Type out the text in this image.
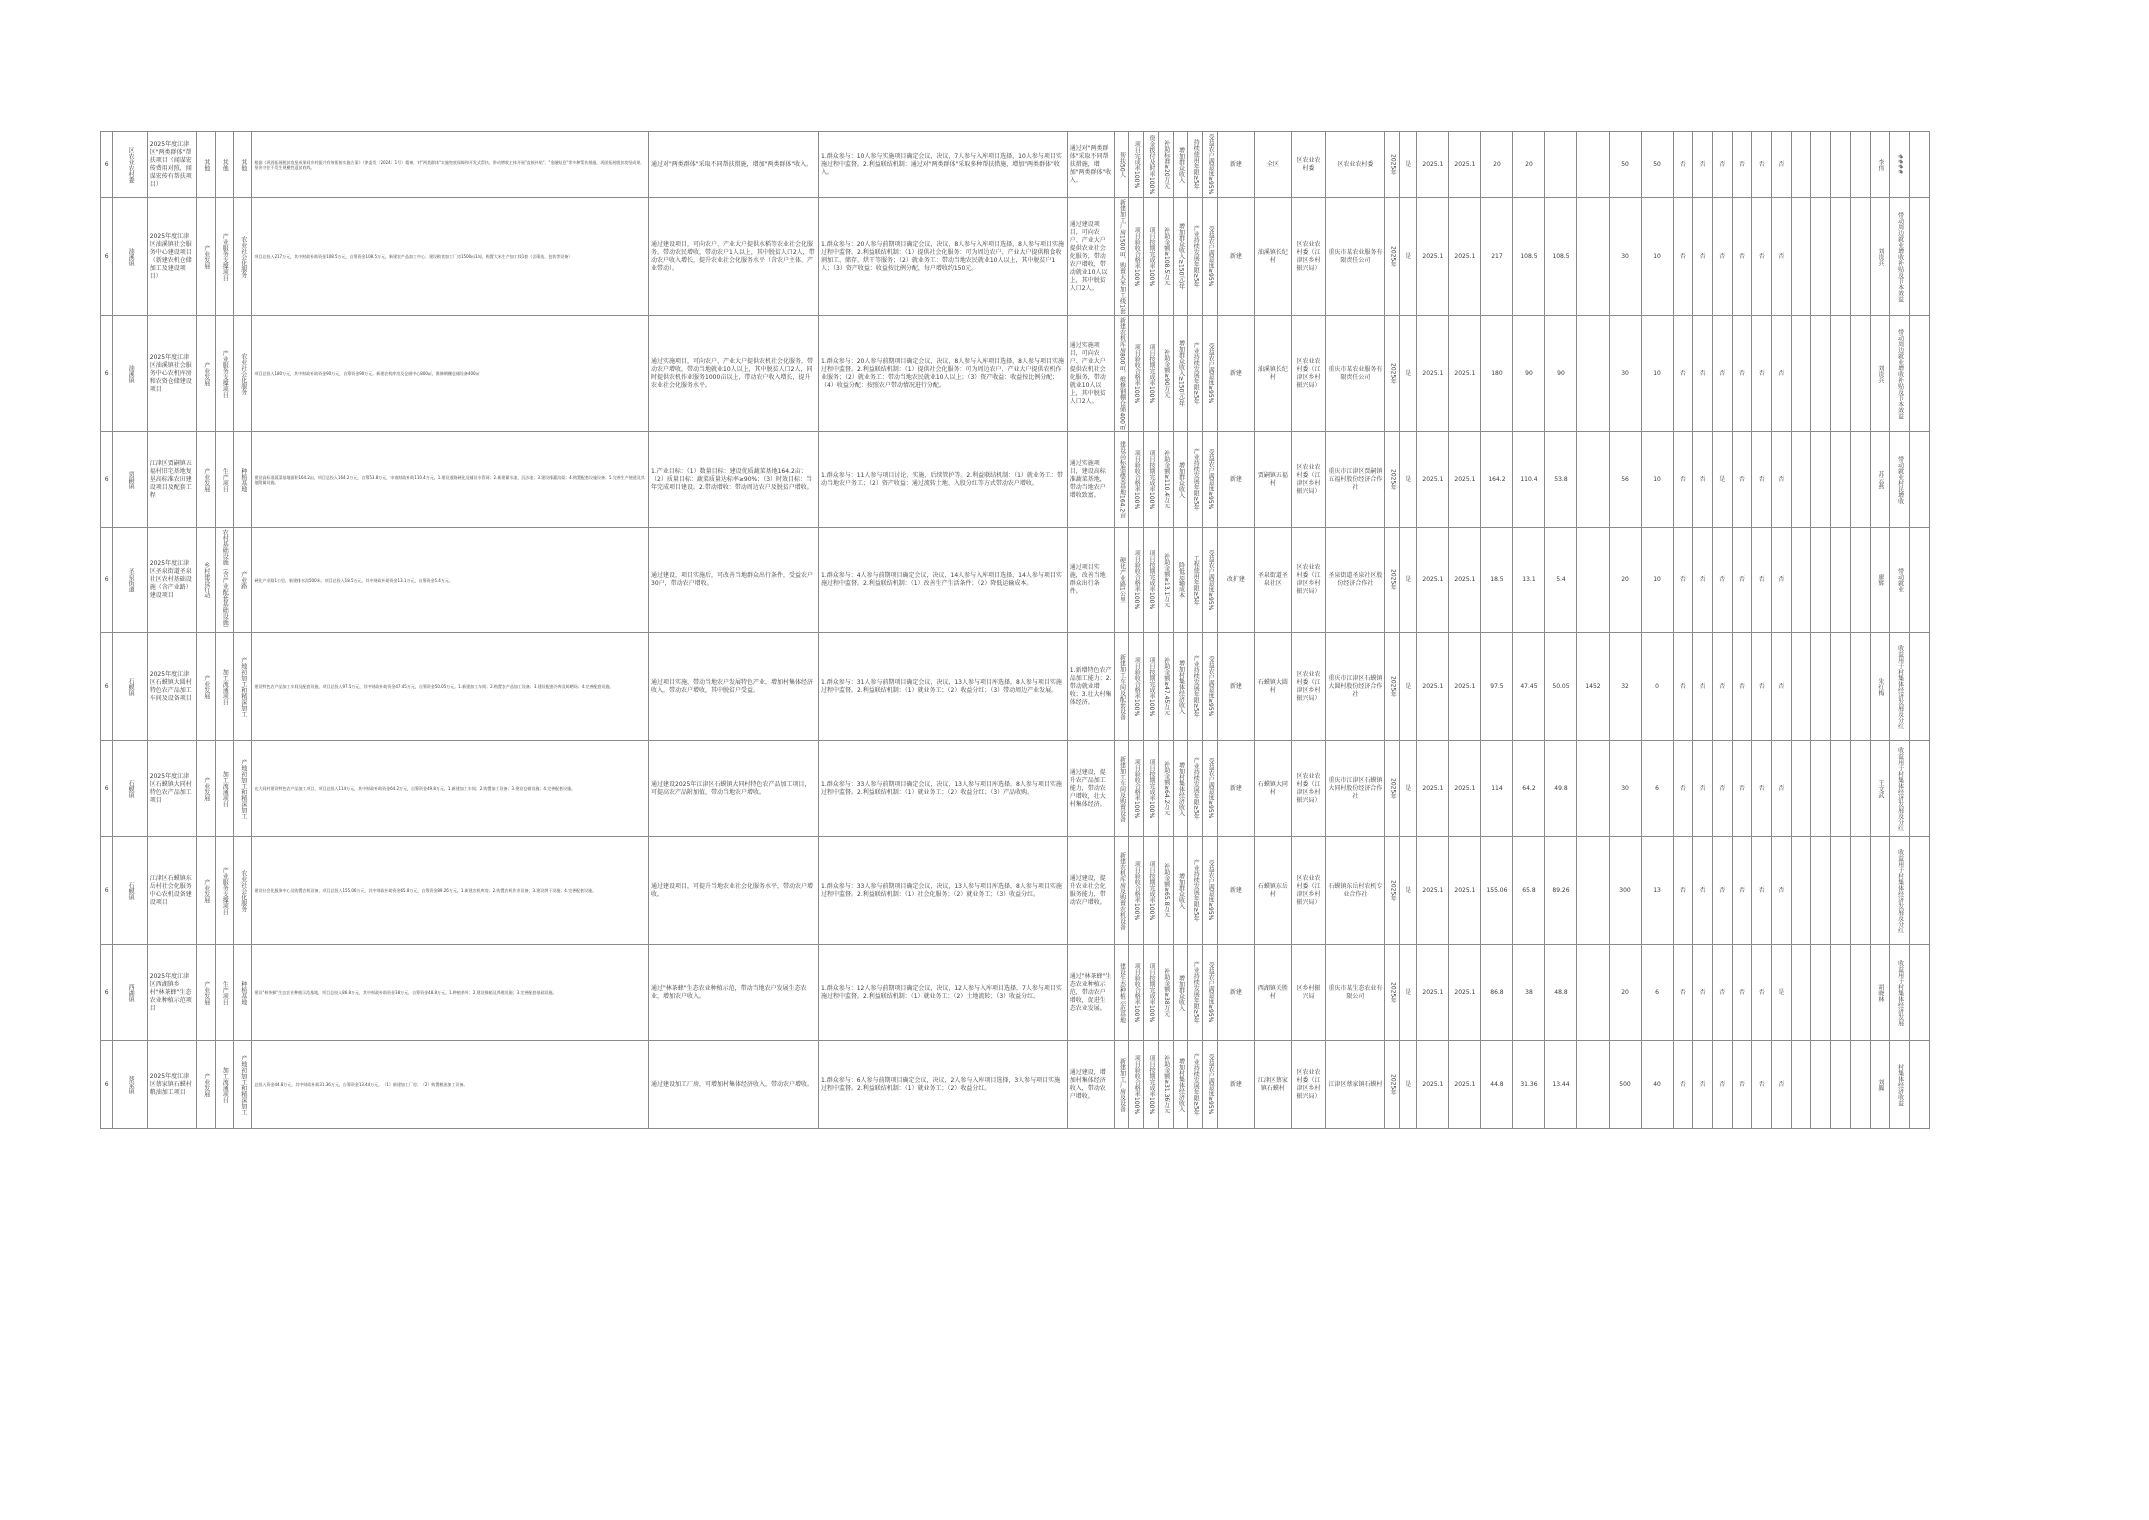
6	区农业农村委	2025年度江津区"两类群体"帮扶项目（闻谋宏传费用对照，闻谋宏传有帮扶项目）	其他	其他	其他	根据《巩固拓展脱贫攻坚成果同乡村振兴有效衔接实施方案》（津委发〔2024〕1号）精神，对"两类群体"实施兜底保障和开发式帮扶，带动增收主体开展"直接补贴"、"金融贴息"等多种帮扶措施，巩固拓展脱贫攻坚成果，坚决守住不发生规模性返贫底线。	通过对"两类群体"采取不同帮扶措施，增加"两类群体"收入。	1.群众参与：10人参与实施项目确定会议，决议，7人参与入库项目选择，10人参与项目实施过程中监督。2.利益联结机制：通过对"两类群体"采取多种帮扶措施，增加"两类群体"收入。	通过对"两类群体"采取不同帮扶措施，增加"两类群体"收入。	帮扶50人	项目完成率100%	资金拨付及时率100%	补助标准≥20万元	增加群众收入	持续使用年限≥5年	受益农户满意度≥95%	新建	全区	区农业农村委	区农业农村委	2025年	是	2025.1	2025.1	20	20			50	50	否	否	否	否	否	否					李伟	####	
6	油溪镇	2025年度江津区油溪镇社会服务中心建设项目（新建农机仓储加工及建设项目）	产业发展	产业服务支撑项目	农业社会化服务	项目总投入217万元，其中财政补助资金108.5万元，自筹资金108.5万元。新建农产品加工中心；建设粮食加工厂房1500㎡1间，购置大米生产加工线1套（含筛选、包装等设备）	通过建设项目，可向农户、产业大户提供水稻等农业社会化服务，带动农民增收，带动农户1人以上，其中脱贫人口2人，带动农户收入增长，提升农业社会化服务水平（含农户主体、产业带动）。	1.群众参与：20人参与前期项目确定会议，决议，8人参与入库项目选择，8人参与项目实施过程中监督。2.利益联结机制：（1）提供社会化服务：可为周边农户、产业大户提供粮食收割加工、储存、烘干等服务；（2）就业务工：带动当地农民就业10人以上，其中脱贫户1人；（3）资产收益：收益按比例分配，每户增收约150元。	通过建设项目，可向农户、产业大户提供农业社会化服务，带动农户增收，带动就业10人以上，其中脱贫人口2人。	新建加工厂房1500㎡，购置大米加工线1套	项目验收合格率100%	项目按期完成率100%	补助金额≥108.5万元	增加群众收入≥150元/年	产业持续发展年限≥5年	受益农户满意度≥95%	新建	油溪镇长纪村	区农业农村委（江津区乡村振兴局）	重庆市某农业服务有限责任公司	2025年	是	2025.1	2025.1	217	108.5	108.5		30	10	否	否	否	否	否	否					刘贵兵	带动周边就业增收补贴及节本效益	
6	油溪镇	2025年度江津区油溪镇社会服务中心农机库房和农资仓储建设项目	产业发展	产业服务支撑项目	农业社会化服务	项目总投入180万元，其中财政补助资金90万元，自筹资金90万元。新建农机库房及仓储中心800㎡，维修钢棚仓储设备400㎡	通过实施项目，可向农户、产业大户提供农机社会化服务，带动农户增收，带动当地就业10人以上，其中脱贫人口2人，同时提供农机作业服务1000亩以上，带动农户收入增长，提升农业社会化服务水平。	1.群众参与：20人参与前期项目确定会议，决议，8人参与入库项目选择，8人参与项目实施过程中监督。2.利益联结机制：（1）提供社会化服务：可为周边农户、产业大户提供农机作业服务；（2）就业务工：带动当地农民就业10人以上；（3）资产收益：收益按比例分配；（4）收益分配：按照农户带动情况进行分配。	通过实施项目，可向农户、产业大户提供农机社会化服务，带动就业10人以上，其中脱贫人口2人。	新建农机库房800㎡，维修钢棚仓储400㎡	项目验收合格率100%	项目按期完成率100%	补助金额≥90万元	增加群众收入≥150元/年	产业持续发展年限≥5年	受益农户满意度≥95%	新建	油溪镇长纪村	区农业农村委（江津区乡村振兴局）	重庆市某农业服务有限责任公司	2025年	是	2025.1	2025.1	180	90	90		30	10	否	否	否	否	否	否					刘贵兵	带动周边就业增收补贴及节本效益	
6	贾嗣镇	江津区贾嗣镇五福村旧宅基地复垦高标准农田建设项目及配套工程	产业发展	生产项目	种植基地	建设高标准蔬菜基地面积164.2亩，项目总投入164.2万元，自筹53.8万元，申请财政补助110.4万元。1.建设道路硬化及铺设水管网；2.新建蓄水池、沉沙池；3.建设排灌沟渠；4.购置配套设施设备；5.完善生产便道及其他附属设施。	1.产业目标：（1）数量目标：建设优质蔬菜基地164.2亩；（2）质量目标：蔬菜质量达标率≥90%；（3）时效目标：当年完成项目建设。2.带动增收：带动周边农户及脱贫户增收。	1.群众参与：11人参与项目讨论、实施、后续管护等。2.利益联结机制：（1）就业务工：带动当地农户务工；（2）资产收益：通过流转土地、入股分红等方式带动农户增收。	通过实施项目，建设高标准蔬菜基地，带动当地农户增收致富。	建设高标准蔬菜基地164.2亩	项目验收合格率100%	项目按期完成率100%	补助金额≥110.4万元	增加群众收入	产业持续发展年限≥5年	受益农户满意度≥95%	新建	贾嗣镇五福村	区农业农村委（江津区乡村振兴局）	重庆市江津区贾嗣镇五福村股份经济合作社	2025年	是	2025.1	2025.1	164.2	110.4	53.8		56	10	否	否	是	否	否	否					苏云燕	带动就业村民增收	
6	圣泉街道	2025年度江津区圣泉街道圣泉社区农村基础设施（含产业路）建设项目	乡村建设行动	农村基础设施（含产业配套基础设施）	产业路	硬化产业路1公里，新建排水沟500米，项目总投入18.5万元，其中财政补助资金13.1万元，自筹资金5.4万元。	通过建设，项目实施后，可改善当地群众出行条件，受益农户30户，带动农户增收。	1.群众参与：4人参与前期项目确定会议，决议，14人参与入库项目选择，14人参与项目实施过程中监督。2.利益联结机制：（1）改善生产生活条件；（2）降低运输成本。	通过项目实施，改善当地群众出行条件。	硬化产业路1公里	项目验收合格率100%	项目按期完成率100%	补助金额≥13.1万元	降低运输成本	工程使用年限≥5年	受益农户满意度≥95%	改扩建	圣泉街道圣泉社区	区农业农村委（江津区乡村振兴局）	圣泉街道圣泉社区股份经济合作社	2025年	是	2025.1	2025.1	18.5	13.1	5.4		20	10	否	否	否	否	否	否					廖辉	带动就业	
6	石蟆镇	2025年度江津区石蟆镇大圆村特色农产品加工车间及设备项目	产业发展	加工流通项目	产地初加工和精深加工	建设特色农产品加工车间及配套设施，项目总投入97.5万元，其中财政补助资金47.45万元，自筹资金50.05万元。1.新建加工车间；2.购置农产品加工设备；3.建设配套冷库及晾晒场；4.完善配套设施。	通过项目实施，带动当地农户发展特色产业，增加村集体经济收入，带动农户增收，其中脱贫户受益。	1.群众参与：31人参与前期项目确定会议，决议，13人参与项目库选择，8人参与项目实施过程中监督。2.利益联结机制：（1）就业务工；（2）收益分红；（3）带动周边产业发展。	1.新增特色农产品加工能力；2.带动就业增收；3.壮大村集体经济。	新建加工车间及配套设备	项目验收合格率100%	项目按期完成率100%	补助金额≥47.45万元	增加村集体经济收入	产业持续发展年限≥5年	受益农户满意度≥95%	新建	石蟆镇大圆村	区农业农村委（江津区乡村振兴局）	重庆市江津区石蟆镇大圆村股份经济合作社	2025年	是	2025.1	2025.1	97.5	47.45	50.05	1452	32	0	否	否	否	否	否	否					朱红梅	收益用于村集体经济发展及分红	
6	石蟆镇	2025年度江津区石蟆镇大同村特色农产品加工项目	产业发展	加工流通项目	产地初加工和精深加工	在大同村建设特色农产品加工项目，项目总投入114万元，其中财政补助资金64.2万元，自筹资金49.8万元。1.新建加工车间；2.购置加工设备；3.建设仓储设施；4.完善配套设施。	通过建设2025年江津区石蟆镇大同村特色农产品加工项目，可提高农产品附加值，带动当地农户增收。	1.群众参与：33人参与前期项目确定会议，决议，13人参与项目库选择，8人参与项目实施过程中监督。2.利益联结机制：（1）就业务工；（2）收益分红；（3）产品收购。	通过建设，提升农产品加工能力，带动农户增收，壮大村集体经济。	新建加工车间及购置设备	项目验收合格率100%	项目按期完成率100%	补助金额≥64.2万元	增加村集体经济收入	产业持续发展年限≥5年	受益农户满意度≥95%	新建	石蟆镇大同村	区农业农村委（江津区乡村振兴局）	重庆市江津区石蟆镇大同村股份经济合作社	2025年	是	2025.1	2025.1	114	64.2	49.8		30	6	否	否	否	否	否	否					王文武	收益用于村集体经济发展及分红	
6	石蟆镇	江津区石蟆镇东岳村社会化服务中心农机设备建设项目	产业发展	产业服务支撑项目	农业社会化服务	建设社会化服务中心及购置农机设备，项目总投入155.06万元，其中财政补助资金65.8万元，自筹资金89.26万元。1.新建农机库房；2.购置农机作业设备；3.建设烘干设施；4.完善配套设施。	通过建设项目，可提升当地农业社会化服务水平，带动农户增收。	1.群众参与：33人参与前期项目确定会议，决议，13人参与项目库选择，8人参与项目实施过程中监督。2.利益联结机制：（1）社会化服务；（2）就业务工；（3）收益分红。	通过建设，提升农业社会化服务能力，带动农户增收。	新建农机库房及购置农机设备	项目验收合格率100%	项目按期完成率100%	补助金额≥65.8万元	增加群众收入	产业持续发展年限≥5年	受益农户满意度≥95%	新建	石蟆镇东岳村	区农业农村委（江津区乡村振兴局）	石蟆镇东岳村农机专业合作社	2025年	是	2025.1	2025.1	155.06	65.8	89.26		300	13	否	否	否	否	否	否						收益用于村集体经济发展及分红	
6	西湖镇	2025年度江津区西湖镇乡村"林茶蜂"生态农业种植示范项目	产业发展	生产项目	种植基地	建设"林茶蜂"生态农业种植示范基地，项目总投入86.8万元，其中财政补助资金38万元，自筹资金48.8万元。1.种植茶叶；2.建设蜂箱及养殖设施；3.完善配套基础设施。	通过"林茶蜂"生态农业种植示范，带动当地农户发展生态农业，增加农户收入。	1.群众参与：12人参与前期项目确定会议，决议，12人参与入库项目选择，7人参与项目实施过程中监督。2.利益联结机制：（1）就业务工；（2）土地流转；（3）收益分红。	通过"林茶蜂"生态农业种植示范，带动农户增收，促进生态农业发展。	建设生态种植示范基地	项目验收合格率100%	项目按期完成率100%	补助金额≥38万元	增加群众收入	产业持续发展年限≥5年	受益农户满意度≥95%	新建	西湖镇关胜村	区乡村振兴局	重庆市某生态农业有限公司	2025年	是	2025.1	2025.1	86.8	38	48.8		20	6	否	否	否	否	否	是					胡晓林	收益用于村集体经济发展	
6	蔡家镇	2025年度江津区蔡家镇石蟆村粮油加工项目	产业发展	加工流通项目	产地初加工和精深加工	总投入资金44.8万元，其中财政补助31.36万元，自筹资金13.44万元。（1）新建加工厂房；（2）购置粮油加工设备。	通过建设加工厂房，可增加村集体经济收入，带动农户增收。	1.群众参与：6人参与前期项目确定会议，决议，2人参与入库项目选择，3人参与项目实施过程中监督。2.利益联结机制：（1）就业务工；（2）收益分红。	通过建设，增加村集体经济收入，带动农户增收。	新建加工厂房及设备	项目验收合格率100%	项目按期完成率100%	补助金额≥31.36万元	增加村集体经济收入	产业持续发展年限≥5年	受益农户满意度≥95%	新建	江津区蔡家镇石蟆村	区农业农村委（江津区乡村振兴局）	江津区蔡家镇石蟆村	2025年	是	2025.1	2025.1	44.8	31.36	13.44		500	40	否	否	否	否	否	否					刘腾	村集体经济收益	
